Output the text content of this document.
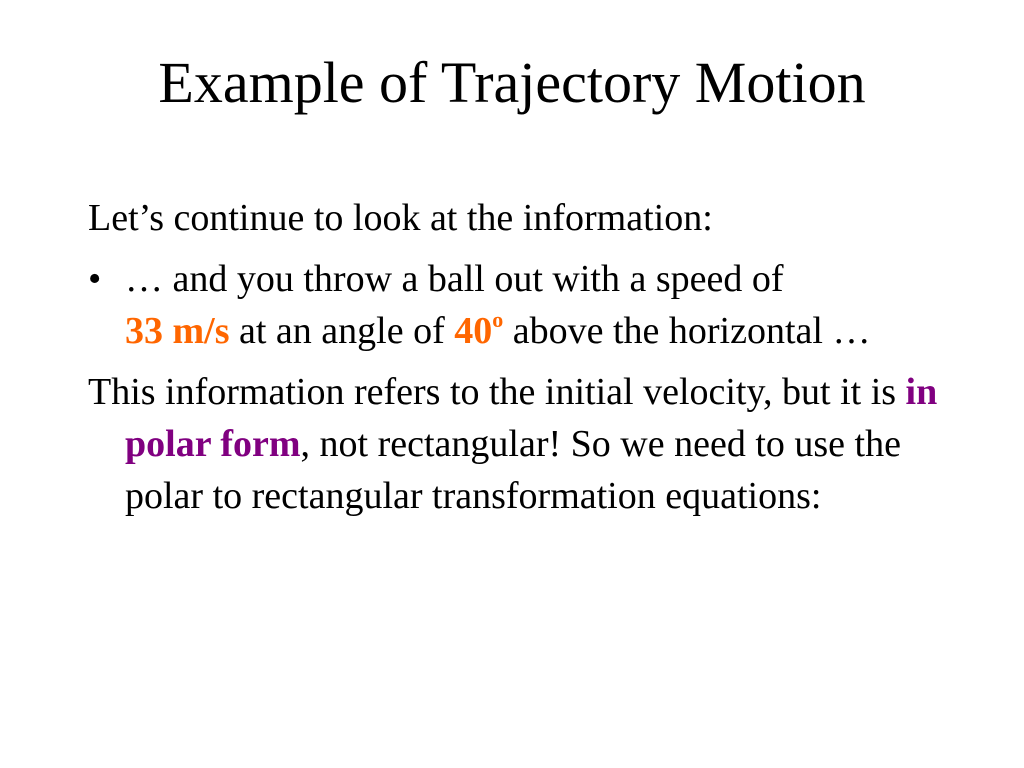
Example of Trajectory Motion

Let’s continue to look at the information:

• … and you throw a ball out with a speed of
33 m/s at an angle of 40$^o$ above the horizontal …

This information refers to the initial velocity, but it is in polar form, not rectangular! So we need to use the polar to rectangular transformation equations:
